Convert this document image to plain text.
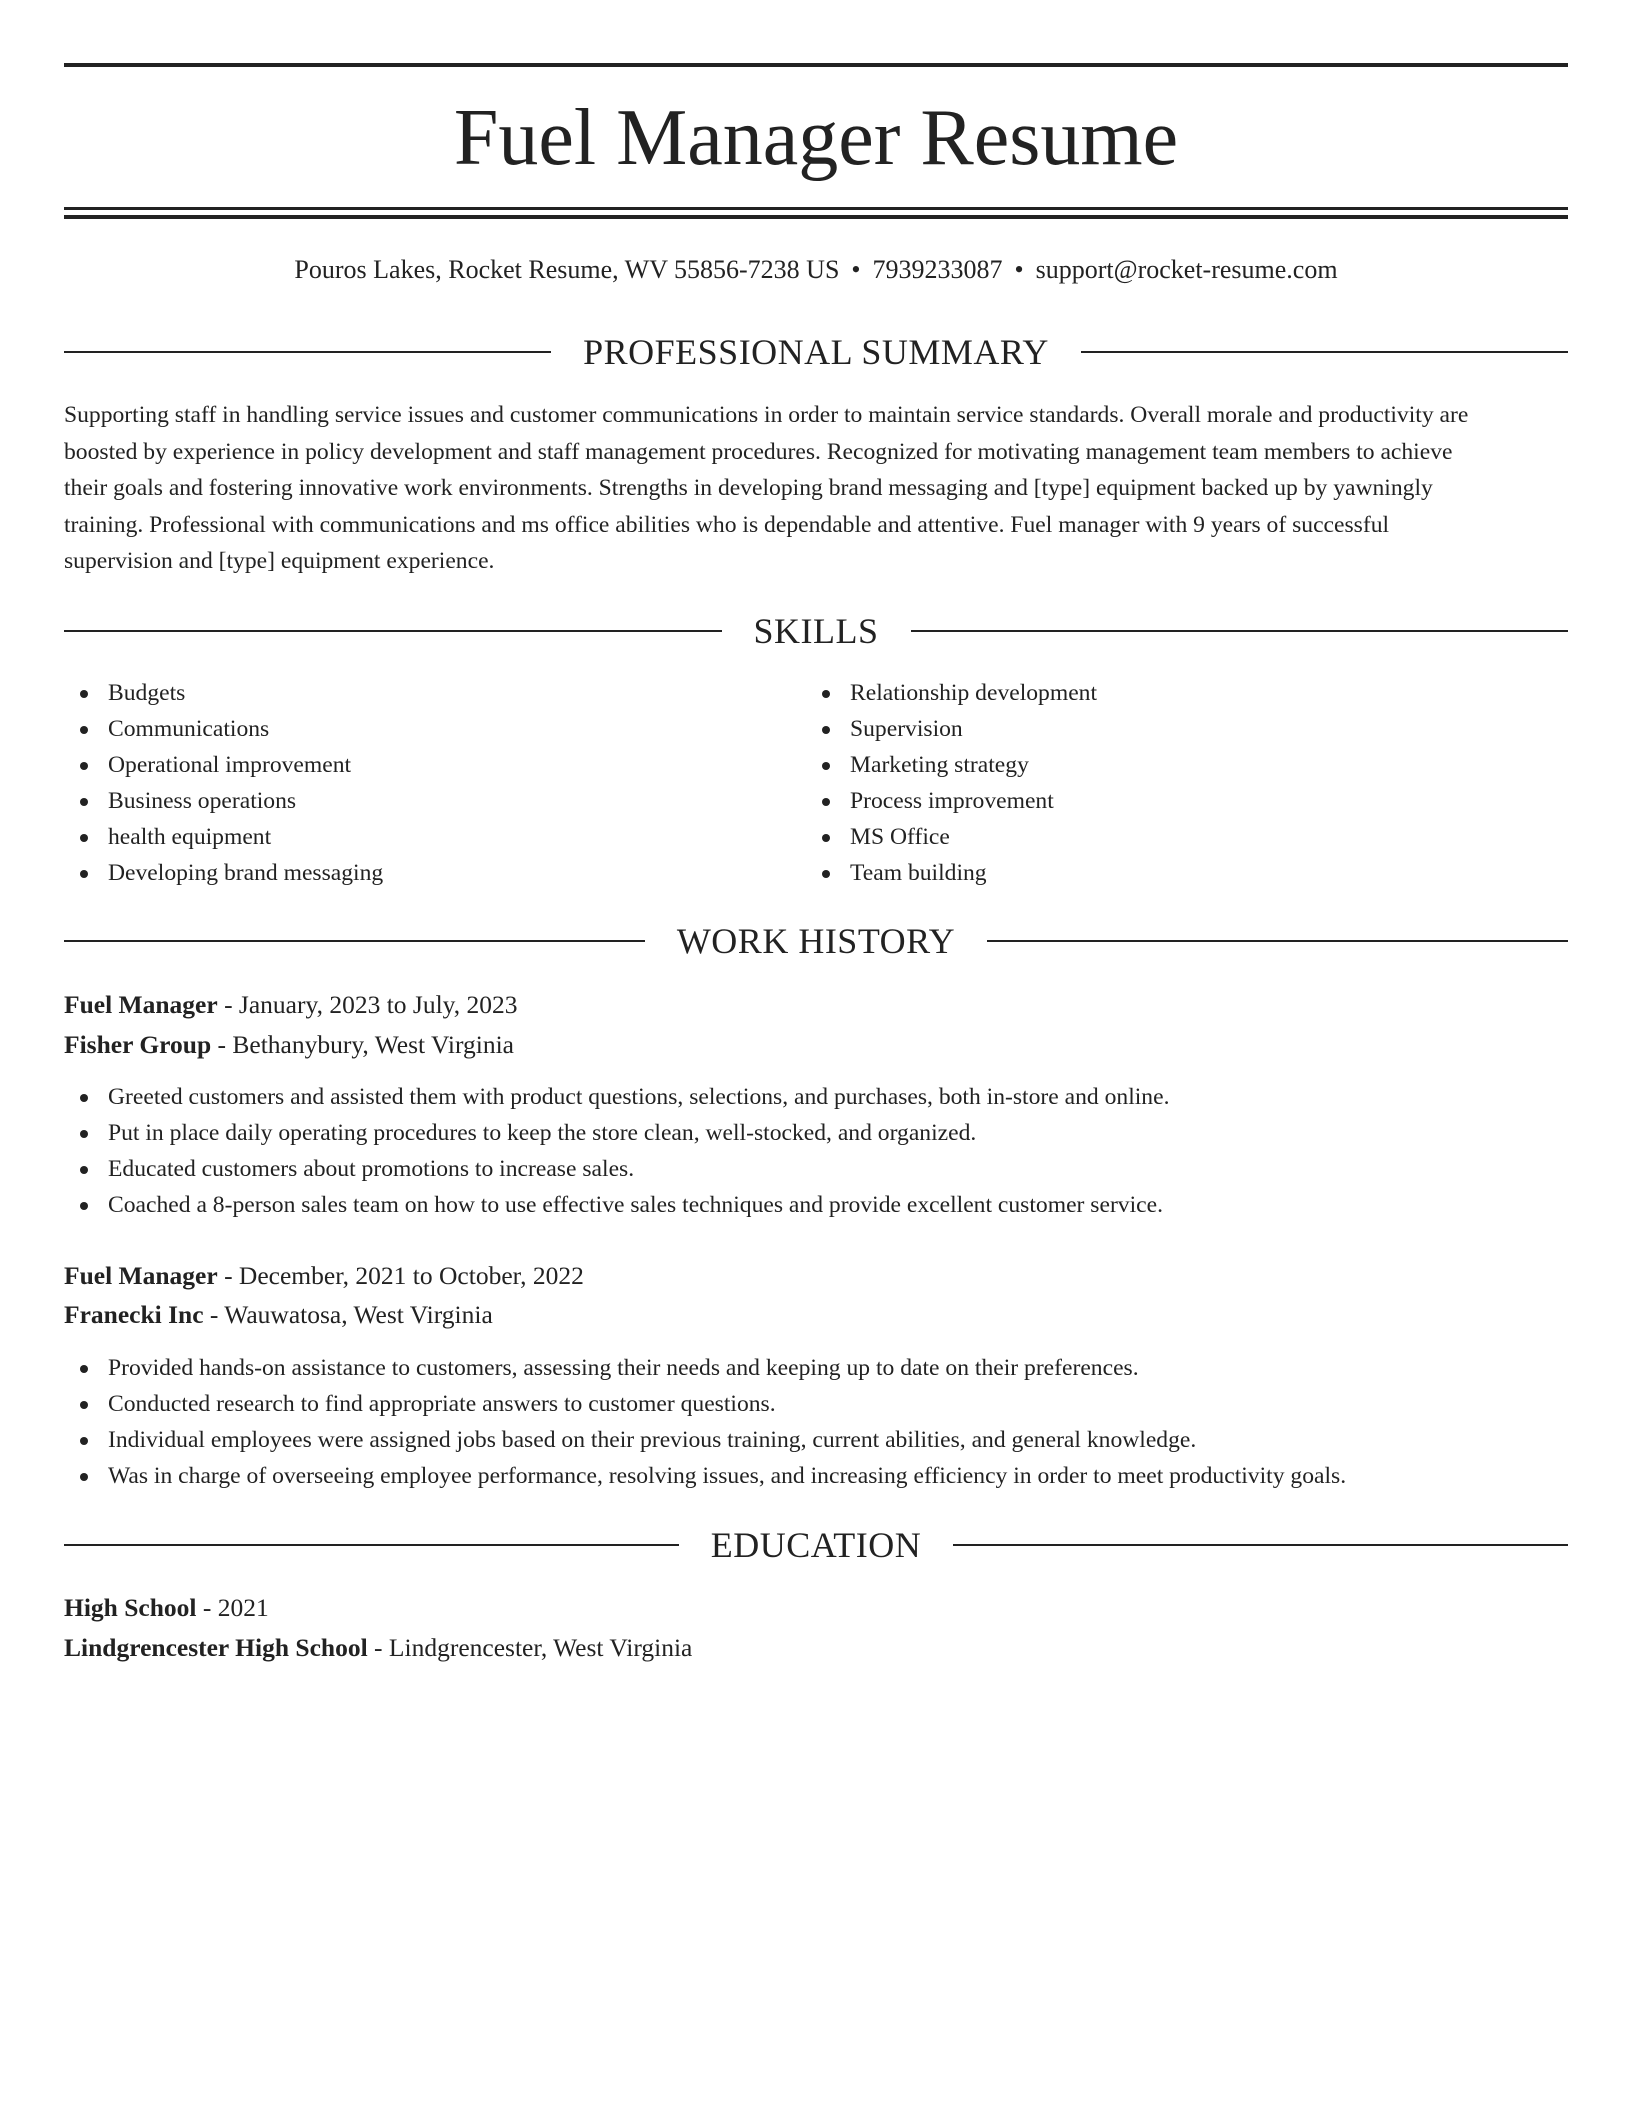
Fuel Manager Resume
Pouros Lakes, Rocket Resume, WV 55856-7238 US • 7939233087 • support@rocket-resume.com
PROFESSIONAL SUMMARY

Supporting staff in handling service issues and customer communications in order to maintain service standards. Overall morale and productivity are
boosted by experience in policy development and staff management procedures. Recognized for motivating management team members to achieve
their goals and fostering innovative work environments. Strengths in developing brand messaging and [type] equipment backed up by yawningly
training. Professional with communications and ms office abilities who is dependable and attentive. Fuel manager with 9 years of successful
supervision and [type] equipment experience.

SKILLS
Budgets
Communications
Operational improvement
Business operations
health equipment
Developing brand messaging
Relationship development
Supervision
Marketing strategy
Process improvement
MS Office
Team building
WORK HISTORY
Fuel Manager - January, 2023 to July, 2023
Fisher Group - Bethanybury, West Virginia
Greeted customers and assisted them with product questions, selections, and purchases, both in-store and online.
Put in place daily operating procedures to keep the store clean, well-stocked, and organized.
Educated customers about promotions to increase sales.
Coached a 8-person sales team on how to use effective sales techniques and provide excellent customer service.
Fuel Manager - December, 2021 to October, 2022
Franecki Inc - Wauwatosa, West Virginia
Provided hands-on assistance to customers, assessing their needs and keeping up to date on their preferences.
Conducted research to find appropriate answers to customer questions.
Individual employees were assigned jobs based on their previous training, current abilities, and general knowledge.
Was in charge of overseeing employee performance, resolving issues, and increasing efficiency in order to meet productivity goals.
EDUCATION
High School - 2021
Lindgrencester High School - Lindgrencester, West Virginia
